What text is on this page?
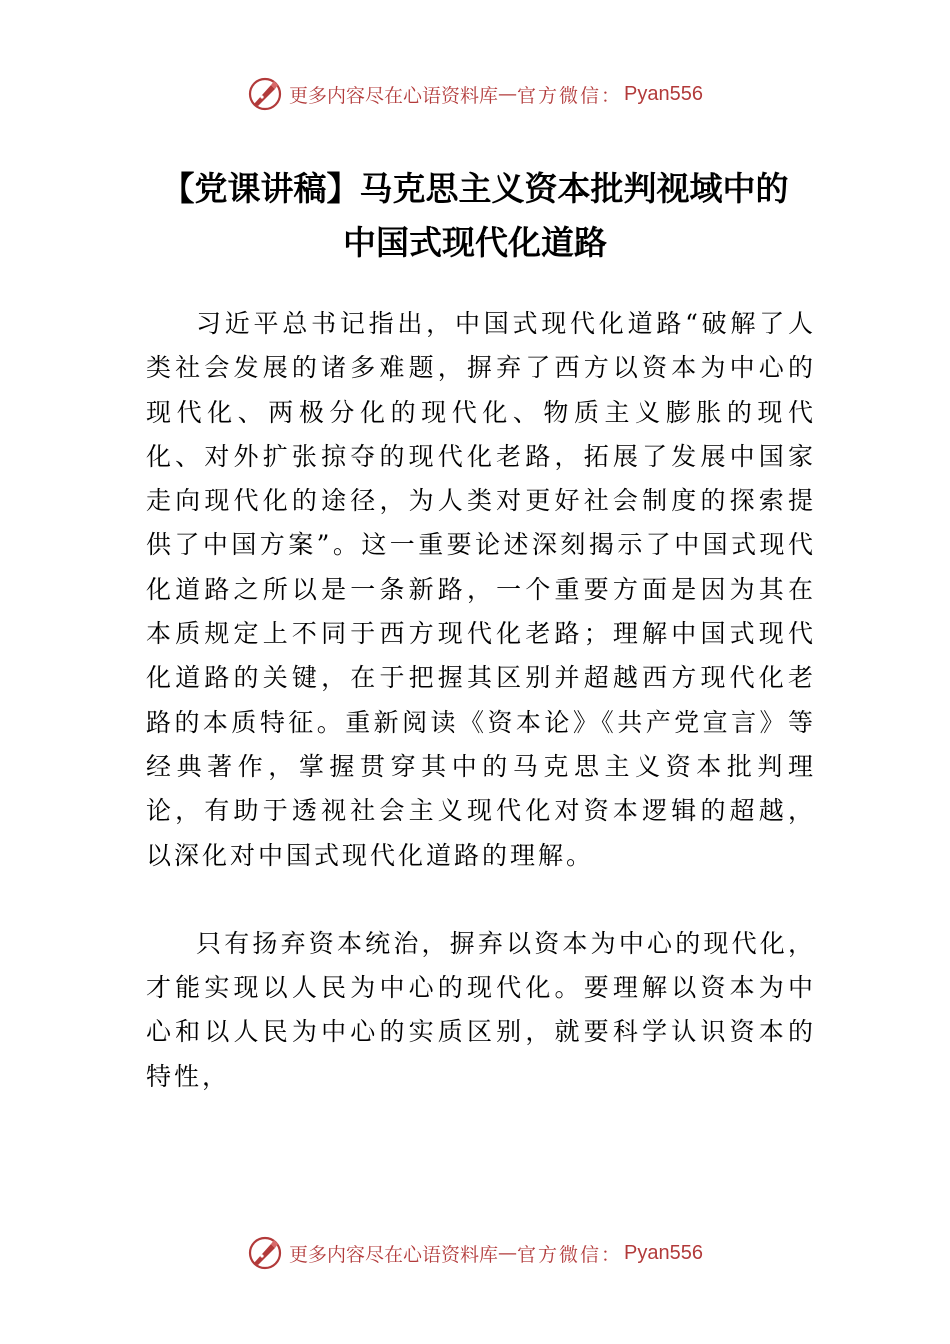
更多内容尽在心语资料库 — 官方微信： Pyan556
【党课讲稿】马克思主义资本批判视域中的
中国式现代化道路

习近平总书记指出，中国式现代化道路“破解了人类社会发展的诸多难题，摒弃了西方以资本为中心的现代化、两极分化的现代化、物质主义膨胀的现代化、对外扩张掠夺的现代化老路，拓展了发展中国家走向现代化的途径，为人类对更好社会制度的探索提供了中国方案”。这一重要论述深刻揭示了中国式现代化道路之所以是一条新路，一个重要方面是因为其在本质规定上不同于西方现代化老路；理解中国式现代化道路的关键，在于把握其区别并超越西方现代化老路的本质特征。重新阅读《资本论》《共产党宣言》等经典著作，掌握贯穿其中的马克思主义资本批判理论，有助于透视社会主义现代化对资本逻辑的超越，以深化对中国式现代化道路的理解。

只有扬弃资本统治，摒弃以资本为中心的现代化，才能实现以人民为中心的现代化。要理解以资本为中心和以人民为中心的实质区别，就要科学认识资本的特性，

更多内容尽在心语资料库 — 官方微信： Pyan556
